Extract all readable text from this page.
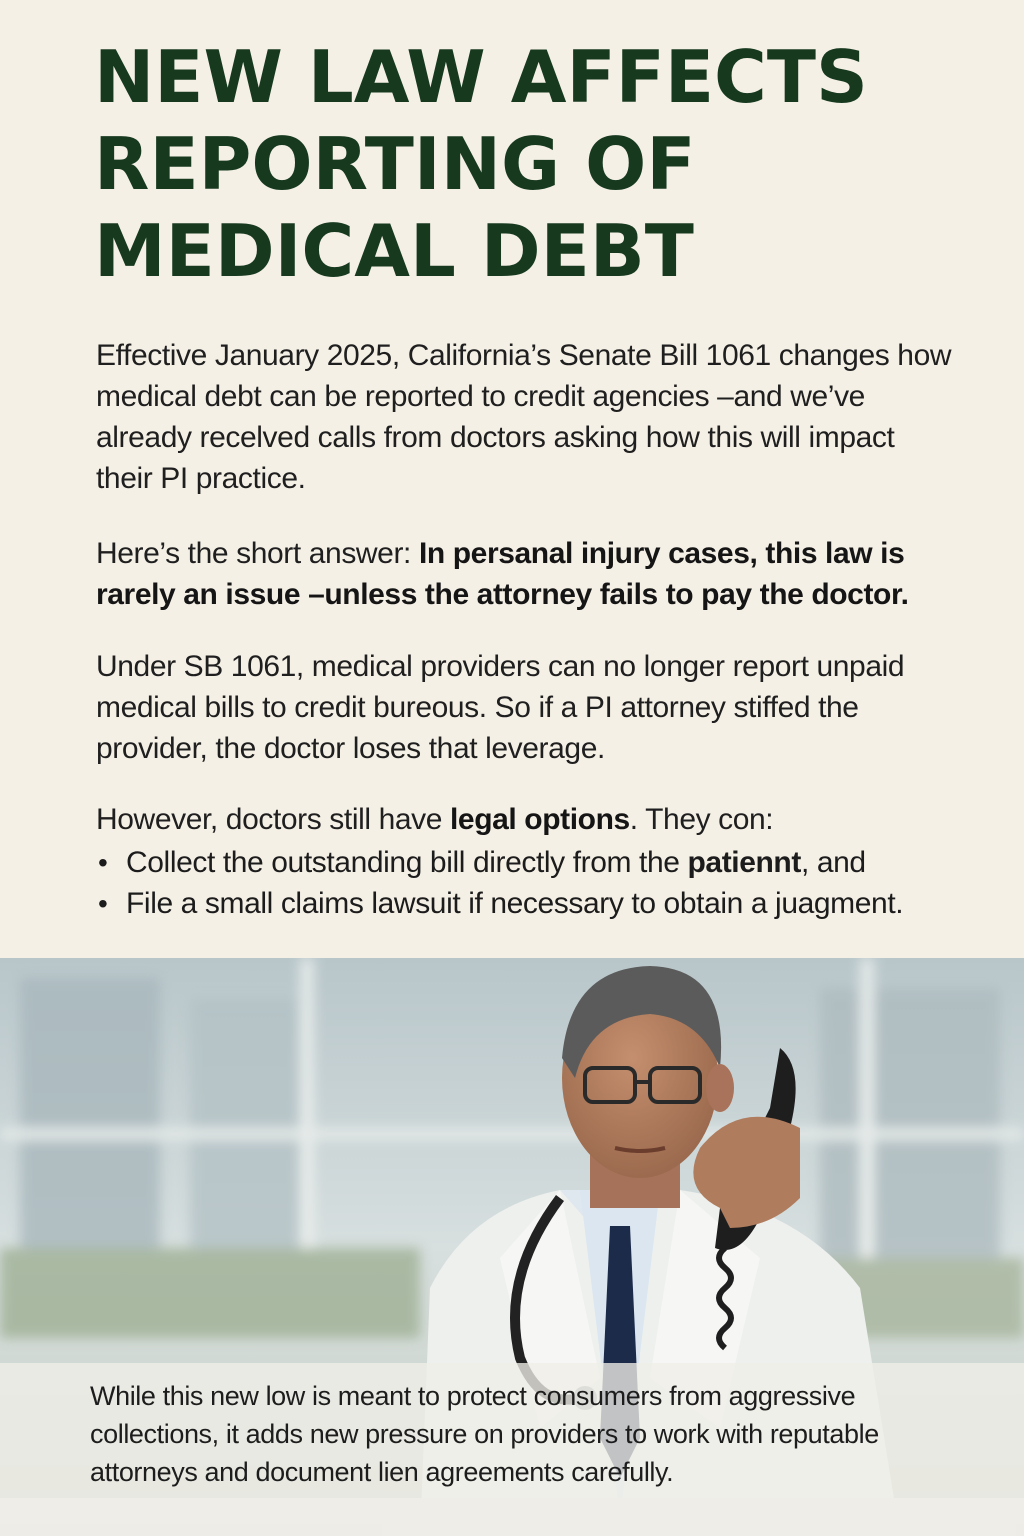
NEW LAW AFFECTS REPORTING OF MEDICAL DEBT

Effective January 2025, California’s Senate Bill 1061 changes how medical debt can be reported to credit agencies –and we’ve already recelved calls from doctors asking how this will impact their PI practice.

Here’s the short answer: In persanal injury cases, this law is rarely an issue –unless the attorney fails to pay the doctor.

Under SB 1061, medical providers can no longer report unpaid medical bills to credit bureous. So if a PI attorney stiffed the provider, the doctor loses that leverage.

However, doctors still have legal options. They con:

• Collect the outstanding bill directly from the patiennt, and
• File a small claims lawsuit if necessary to obtain a juagment.

While this new low is meant to protect consumers from aggressive collections, it adds new pressure on providers to work with reputable attorneys and document lien agreements carefully.
